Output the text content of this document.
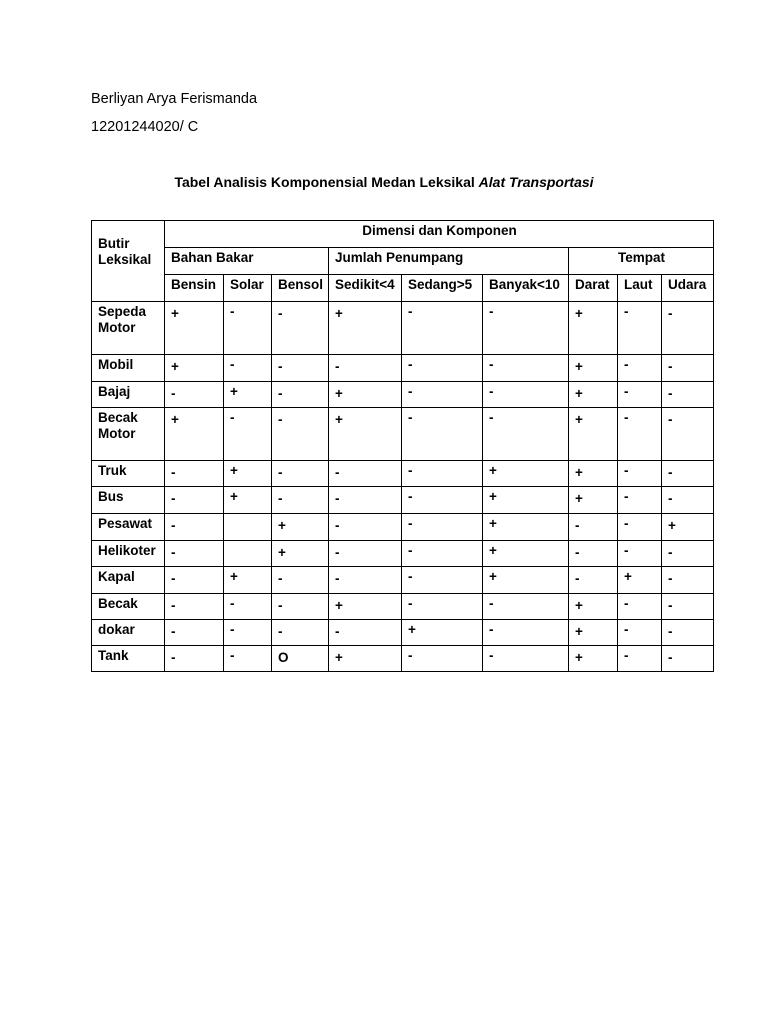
Berliyan Arya Ferismanda
12201244020/ C
Tabel Analisis Komponensial Medan Leksikal Alat Transportasi
Butir
Leksikal	Dimensi dan Komponen								
	Bahan Bakar			Jumlah Penumpang			Tempat		
	Bensin	Solar	Bensol	Sedikit<4	Sedang>5	Banyak<10	Darat	Laut	Udara

Sepeda
Motor	+	-	-	+	-	-	+	-	-

Mobil	+	-	-	-	-	-	+	-	-

Bajaj	-	+	-	+	-	-	+	-	-

Becak
Motor	+	-	-	+	-	-	+	-	-

Truk	-	+	-	-	-	+	+	-	-

Bus	-	+	-	-	-	+	+	-	-

Pesawat	-		+	-	-	+	-	-	+

Helikoter	-		+	-	-	+	-	-	-

Kapal	-	+	-	-	-	+	-	+	-

Becak	-	-	-	+	-	-	+	-	-

dokar	-	-	-	-	+	-	+	-	-

Tank	-	-	O	+	-	-	+	-	-
